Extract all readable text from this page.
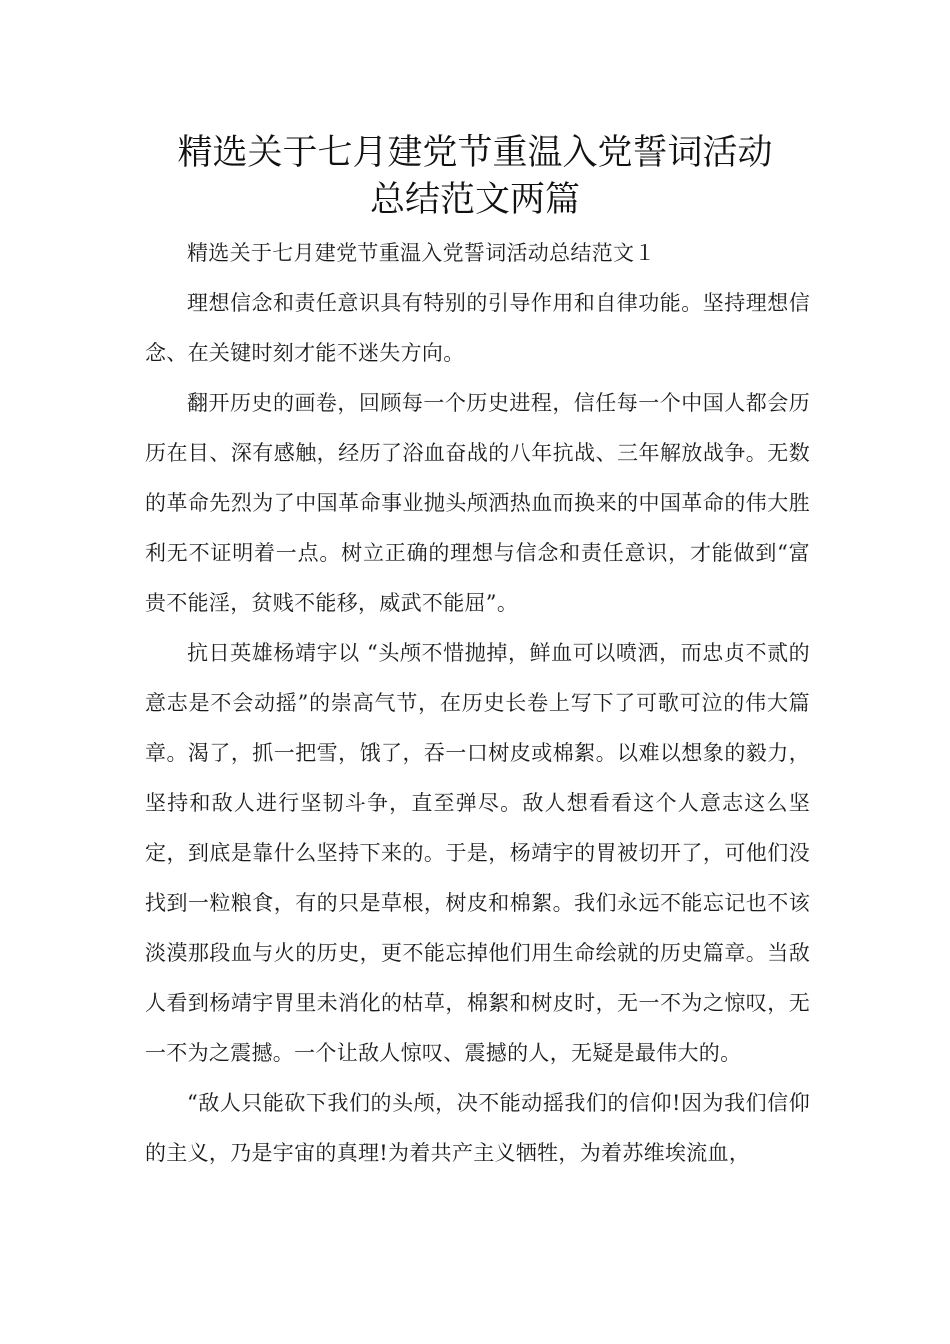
精选关于七月建党节重温入党誓词活动
总结范文两篇

精选关于七月建党节重温入党誓词活动总结范文１

理想信念和责任意识具有特别的引导作用和自律功能。坚持理想信念、在关键时刻才能不迷失方向。

翻开历史的画卷，回顾每一个历史进程，信任每一个中国人都会历历在目、深有感触，经历了浴血奋战的八年抗战、三年解放战争。无数的革命先烈为了中国革命事业抛头颅洒热血而换来的中国革命的伟大胜利无不证明着一点。树立正确的理想与信念和责任意识，才能做到“富贵不能淫，贫贱不能移，威武不能屈”。

抗日英雄杨靖宇以 “头颅不惜抛掉，鲜血可以喷洒，而忠贞不贰的意志是不会动摇”的崇高气节，在历史长卷上写下了可歌可泣的伟大篇章。渴了，抓一把雪，饿了，吞一口树皮或棉絮。以难以想象的毅力，坚持和敌人进行坚韧斗争，直至弹尽。敌人想看看这个人意志这么坚定，到底是靠什么坚持下来的。于是，杨靖宇的胃被切开了，可他们没找到一粒粮食，有的只是草根，树皮和棉絮。我们永远不能忘记也不该淡漠那段血与火的历史，更不能忘掉他们用生命绘就的历史篇章。当敌人看到杨靖宇胃里未消化的枯草，棉絮和树皮时，无一不为之惊叹，无一不为之震撼。一个让敌人惊叹、震撼的人，无疑是最伟大的。

“敌人只能砍下我们的头颅，决不能动摇我们的信仰!因为我们信仰的主义，乃是宇宙的真理!为着共产主义牺牲，为着苏维埃流血，
